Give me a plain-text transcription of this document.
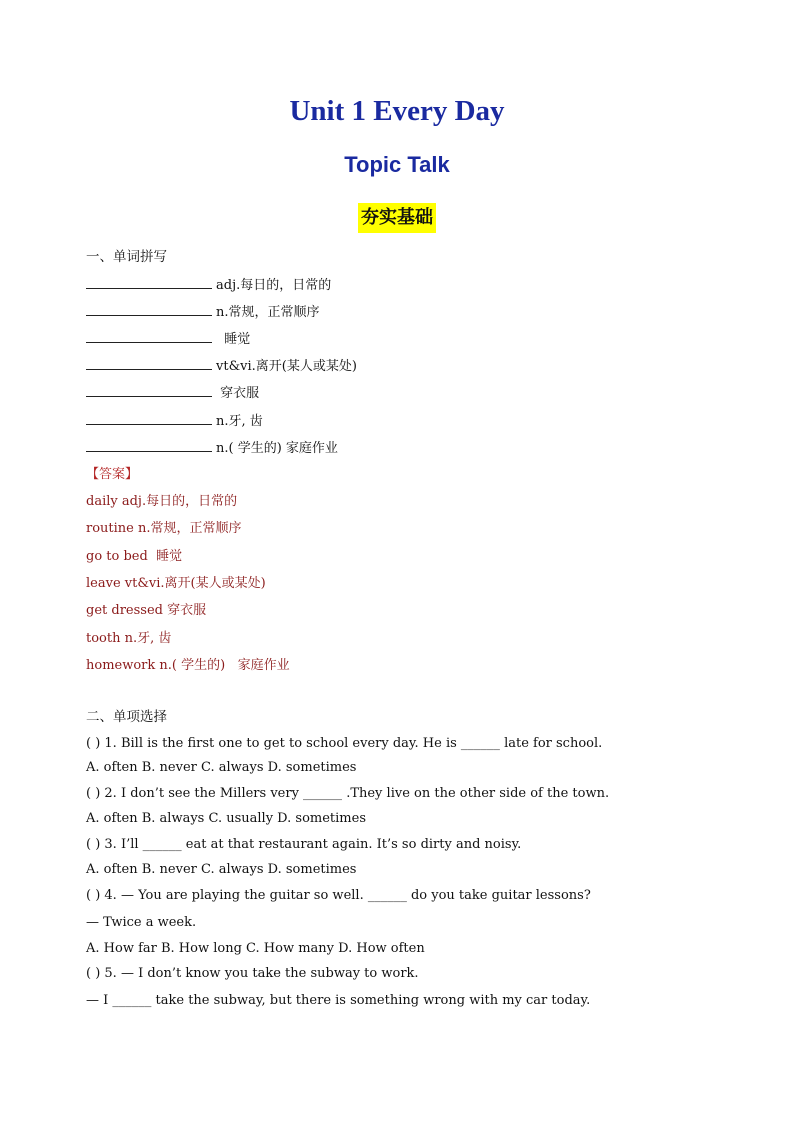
Unit 1 Every Day
Topic Talk
夯实基础
一、单词拼写
adj.每日的，日常的
n.常规，正常顺序
睡觉
vt&vi.离开(某人或某处)
穿衣服
n.牙, 齿
n.( 学生的) 家庭作业
【答案】
daily adj.每日的，日常的
routine n.常规，正常顺序
go to bed  睡觉
leave vt&vi.离开(某人或某处)
get dressed 穿衣服
tooth n.牙, 齿
homework n.( 学生的)   家庭作业
二、单项选择
( ) 1. Bill is the first one to get to school every day. He is ______ late for school.
A. often B. never C. always D. sometimes
( ) 2. I don’t see the Millers very ______ .They live on the other side of the town.
A. often B. always C. usually D. sometimes
( ) 3. I’ll ______ eat at that restaurant again. It’s so dirty and noisy.
A. often B. never C. always D. sometimes
( ) 4. — You are playing the guitar so well. ______ do you take guitar lessons?
— Twice a week.
A. How far B. How long C. How many D. How often
( ) 5. — I don’t know you take the subway to work.
— I ______ take the subway, but there is something wrong with my car today.
